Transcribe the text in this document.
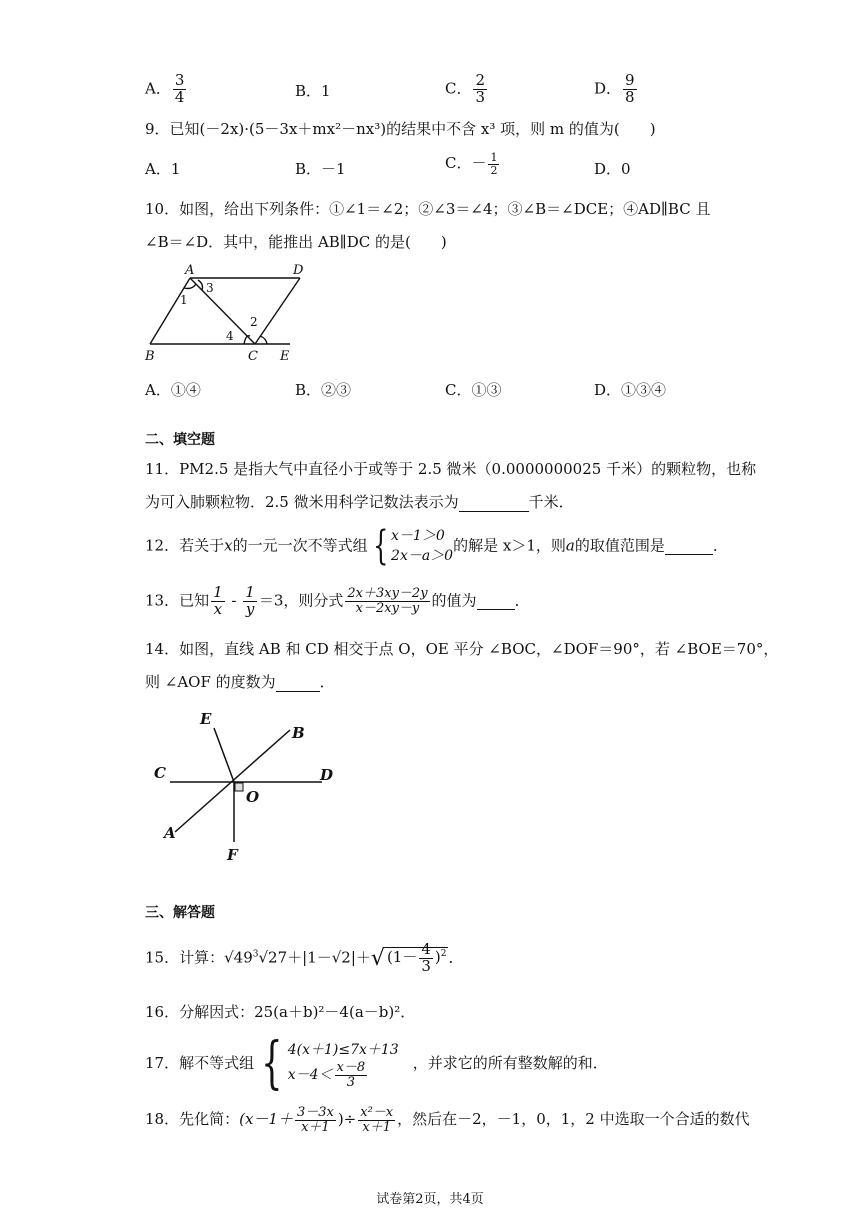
A． $\frac{3}{4}$	B．1	C． $\frac{2}{3}$	D． $\frac{9}{8}$
9．已知(－2x)·(5－3x＋mx²－nx³)的结果中不含 x³ 项，则 m 的值为(　　)
A．1	B．－1	C．－ $\frac{1}{2}$	D．0
10．如图，给出下列条件：①∠1＝∠2；②∠3＝∠4；③∠B＝∠DCE；④AD∥BC 且
∠B＝∠D．其中，能推出 AB∥DC 的是(　　)
A	D
B	C E
1
3
2
4
A．①④	B．②③	C．①③	D．①③④
二、填空题
11．PM2.5 是指大气中直径小于或等于 2.5 微米（0.0000000025 千米）的颗粒物，也称
为可入肺颗粒物．2.5 微米用科学记数法表示为	千米．
12．若关于x的一元一次不等式组 { x－1＞0
2x－a＞0
的解是 x＞1，则a的取值范围是	．
13．已知 $\frac{1}{x} - \frac{1}{y} =3$，则分式 $\frac{2x+3xy-2y}{x-2xy-y}$ 的值为	．
14．如图，直线 AB 和 CD 相交于点 O，OE 平分 ∠BOC，∠DOF＝90°，若 ∠BOE＝70°，
则 ∠AOF 的度数为	．
E
B
C	D
O
A
F
三、解答题
15．计算：$√49^3√27+|1-√2|+√$ $(1- \frac{4}{3} )^2$ ．
16．分解因式：25(a＋b)²－4(a－b)²．
17．解不等式组 { 4(x＋1)≤7x＋13
$x-4< \frac{x-8}{3}$	，并求它的所有整数解的和．
18．先化简：($x-1+ \frac{3-3x}{x+1}$ )÷ $\frac{\text{x²－x}}{x+1}$ ，然后在－2，－1，0，1，2 中选取一个合适的数代
试卷第2页，共4页
